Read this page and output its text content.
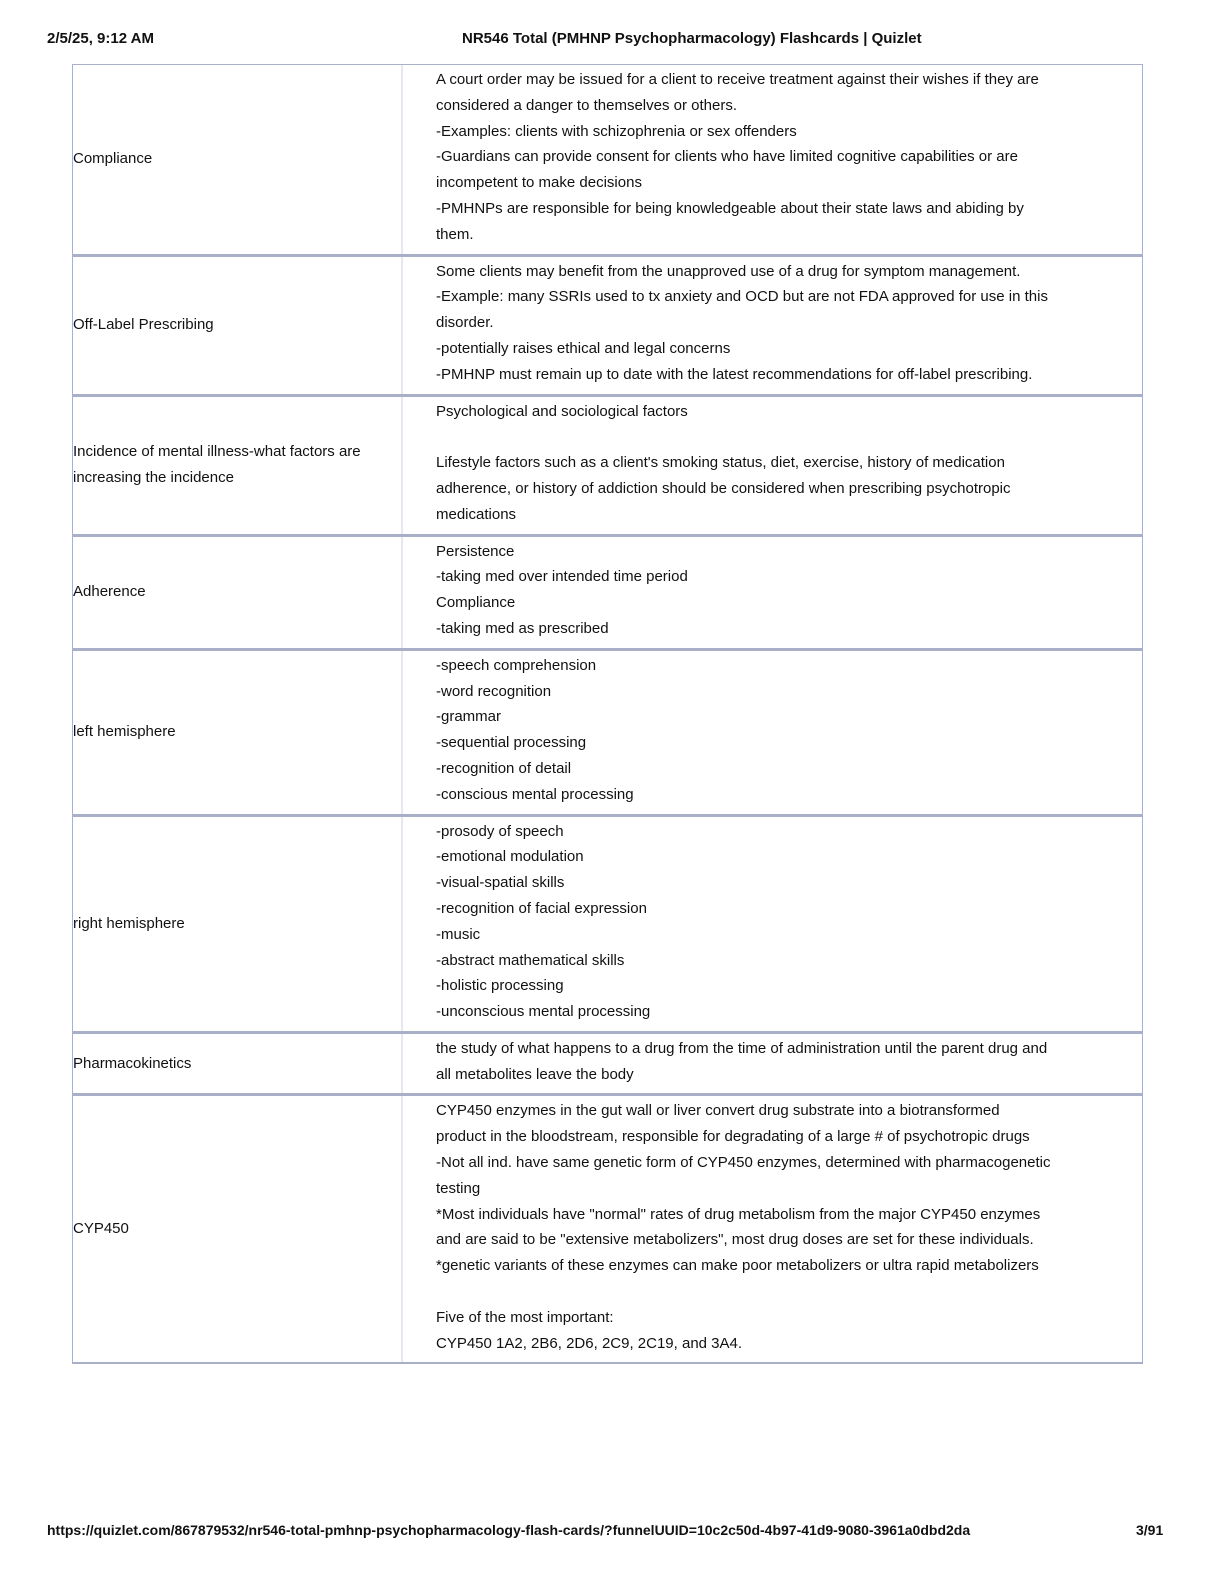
2/5/25, 9:12 AM	NR546 Total (PMHNP Psychopharmacology) Flashcards | Quizlet
Compliance
A court order may be issued for a client to receive treatment against their wishes if they are considered a danger to themselves or others.
-Examples: clients with schizophrenia or sex offenders
-Guardians can provide consent for clients who have limited cognitive capabilities or are incompetent to make decisions
-PMHNPs are responsible for being knowledgeable about their state laws and abiding by them.
Off-Label Prescribing
Some clients may benefit from the unapproved use of a drug for symptom management.
-Example: many SSRIs used to tx anxiety and OCD but are not FDA approved for use in this disorder.
-potentially raises ethical and legal concerns
-PMHNP must remain up to date with the latest recommendations for off-label prescribing.
Incidence of mental illness-what factors are increasing the incidence
Psychological and sociological factors

Lifestyle factors such as a client's smoking status, diet, exercise, history of medication adherence, or history of addiction should be considered when prescribing psychotropic medications
Adherence
Persistence
-taking med over intended time period
Compliance
-taking med as prescribed
left hemisphere
-speech comprehension
-word recognition
-grammar
-sequential processing
-recognition of detail
-conscious mental processing
right hemisphere
-prosody of speech
-emotional modulation
-visual-spatial skills
-recognition of facial expression
-music
-abstract mathematical skills
-holistic processing
-unconscious mental processing
Pharmacokinetics
the study of what happens to a drug from the time of administration until the parent drug and all metabolites leave the body
CYP450
CYP450 enzymes in the gut wall or liver convert drug substrate into a biotransformed product in the bloodstream, responsible for degradating of a large # of psychotropic drugs
-Not all ind. have same genetic form of CYP450 enzymes, determined with pharmacogenetic testing
*Most individuals have "normal" rates of drug metabolism from the major CYP450 enzymes and are said to be "extensive metabolizers", most drug doses are set for these individuals.
*genetic variants of these enzymes can make poor metabolizers or ultra rapid metabolizers

Five of the most important:
CYP450 1A2, 2B6, 2D6, 2C9, 2C19, and 3A4.
https://quizlet.com/867879532/nr546-total-pmhnp-psychopharmacology-flash-cards/?funnelUUID=10c2c50d-4b97-41d9-9080-3961a0dbd2da	3/91
